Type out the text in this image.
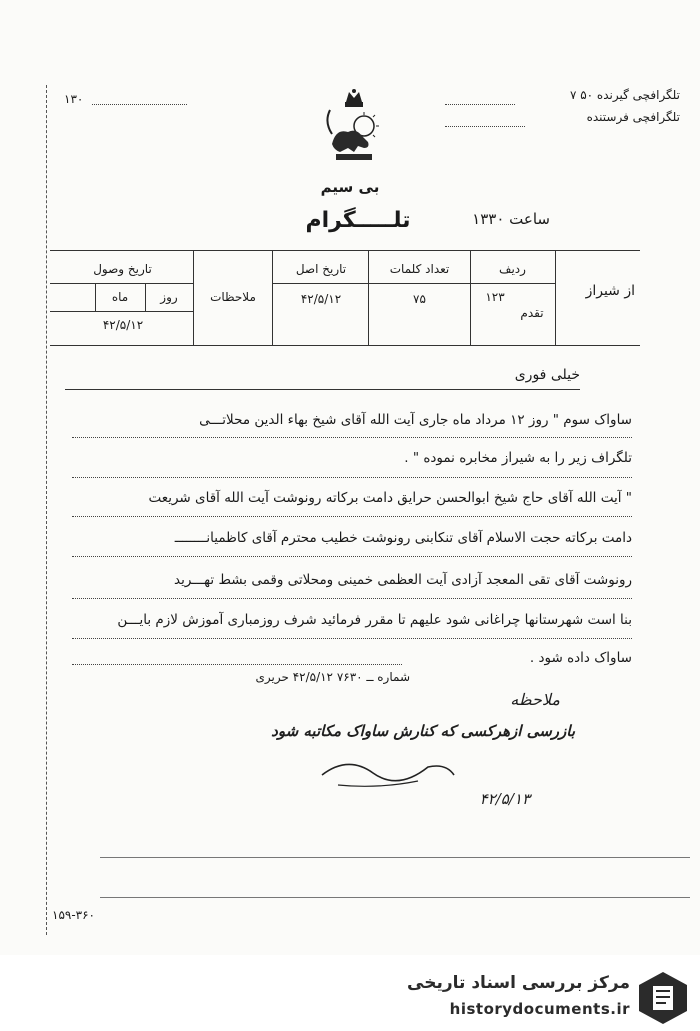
تلگرافچی گیرنده ۵۰ ۷
تلگرافچی فرستنده
۱۳۰
بی سیم
تلـــــگرام	ساعت ۱۳۳۰
از شیراز
ردیف
۱۲۳
تقدم
تعداد کلمات
۷۵
تاریخ اصل
۴۲/۵/۱۲
ملاحظات
تاریخ وصول
روز
ماه
۴۲/۵/۱۲
خیلی فوری
ساواک سوم " روز ۱۲ مرداد ماه جاری آیت الله آقای شیخ بهاء الدین محلاتـــی
تلگراف زیر را به شیراز مخابره نموده " .
" آیت الله آقای حاج شیخ ابوالحسن حرایق دامت برکاته رونوشت آیت الله آقای شریعت
دامت برکاته حجت الاسلام آقای تنکابنی رونوشت خطیب محترم آقای کاظمیانــــــــ
رونوشت آقای تقی المعجد آزادی آیت العظمی خمینی ومحلاتی وقمی بشط تهـــرید
بنا است شهرستانها چراغانی شود علیهم تا مقرر فرمائید شرف روزمباری آموزش لازم بایـــن
ساواک داده شود .
شماره ــ ۷۶۳۰ ۴۲/۵/۱۲ حریری
ملاحظه
بازرسی ازهرکسی که کنارش ساواک مکاتبه شود
۴۲/۵/۱۳
۱۵۹-۳۶۰
مرکز بررسی اسناد تاریخی
historydocuments.ir
